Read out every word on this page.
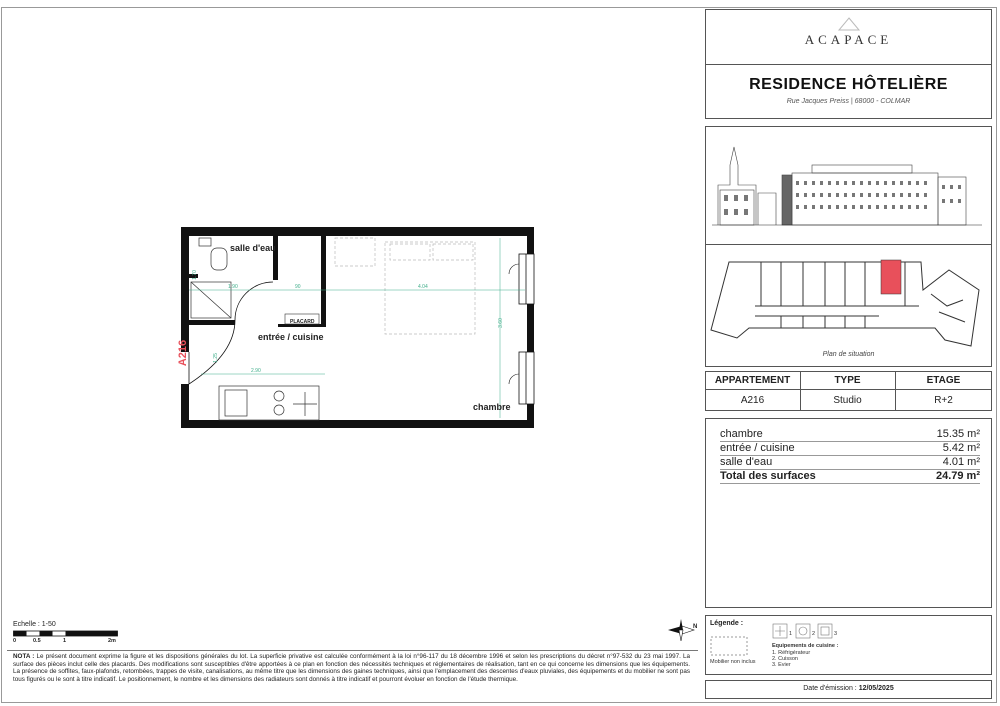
ACAPACE
RESIDENCE HÔTELIÈRE
Rue Jacques Preiss | 68000 - COLMAR
Plan de situation
APPARTEMENT	TYPE	ETAGE
A216	Studio	R+2
chambre	15.35 m²
entrée / cuisine	5.42 m²
salle d'eau	4.01 m²
Total des surfaces	24.79 m²
Légende :
Mobilier non inclus
1	2	3
Equipements de cuisine :
1. Réfrigérateur
2. Cuisson
3. Evier
Date d'émission : 12/05/2025
salle d'eau
entrée / cuisine
chambre
PLACARD
A216
1.90	90	4.04
3.60
2.90
1.70
1.25
Echelle : 1-50
0	0.5	1	2m
N
NOTA : Le présent document exprime la figure et les dispositions générales du lot. La superficie privative est calculée conformément à la loi n°96-117 du 18 décembre 1996 et selon les prescriptions du décret n°97-532 du 23 mai 1997. La surface des pièces inclut celle des placards. Des modifications sont susceptibles d'être apportées à ce plan en fonction des nécessités techniques et réglementaires de réalisation, tant en ce qui concerne les dimensions que les équipements. La présence de soffites, faux-plafonds, retombées, trappes de visite, canalisations, au même titre que les dimensions des gaines techniques, ainsi que l'emplacement des descentes d'eaux pluviales, des équipements et du mobilier ne sont pas tous figurés ou le sont à titre indicatif. Le positionnement, le nombre et les dimensions des radiateurs sont donnés à titre indicatif et pourront évoluer en fonction de l'étude thermique.
